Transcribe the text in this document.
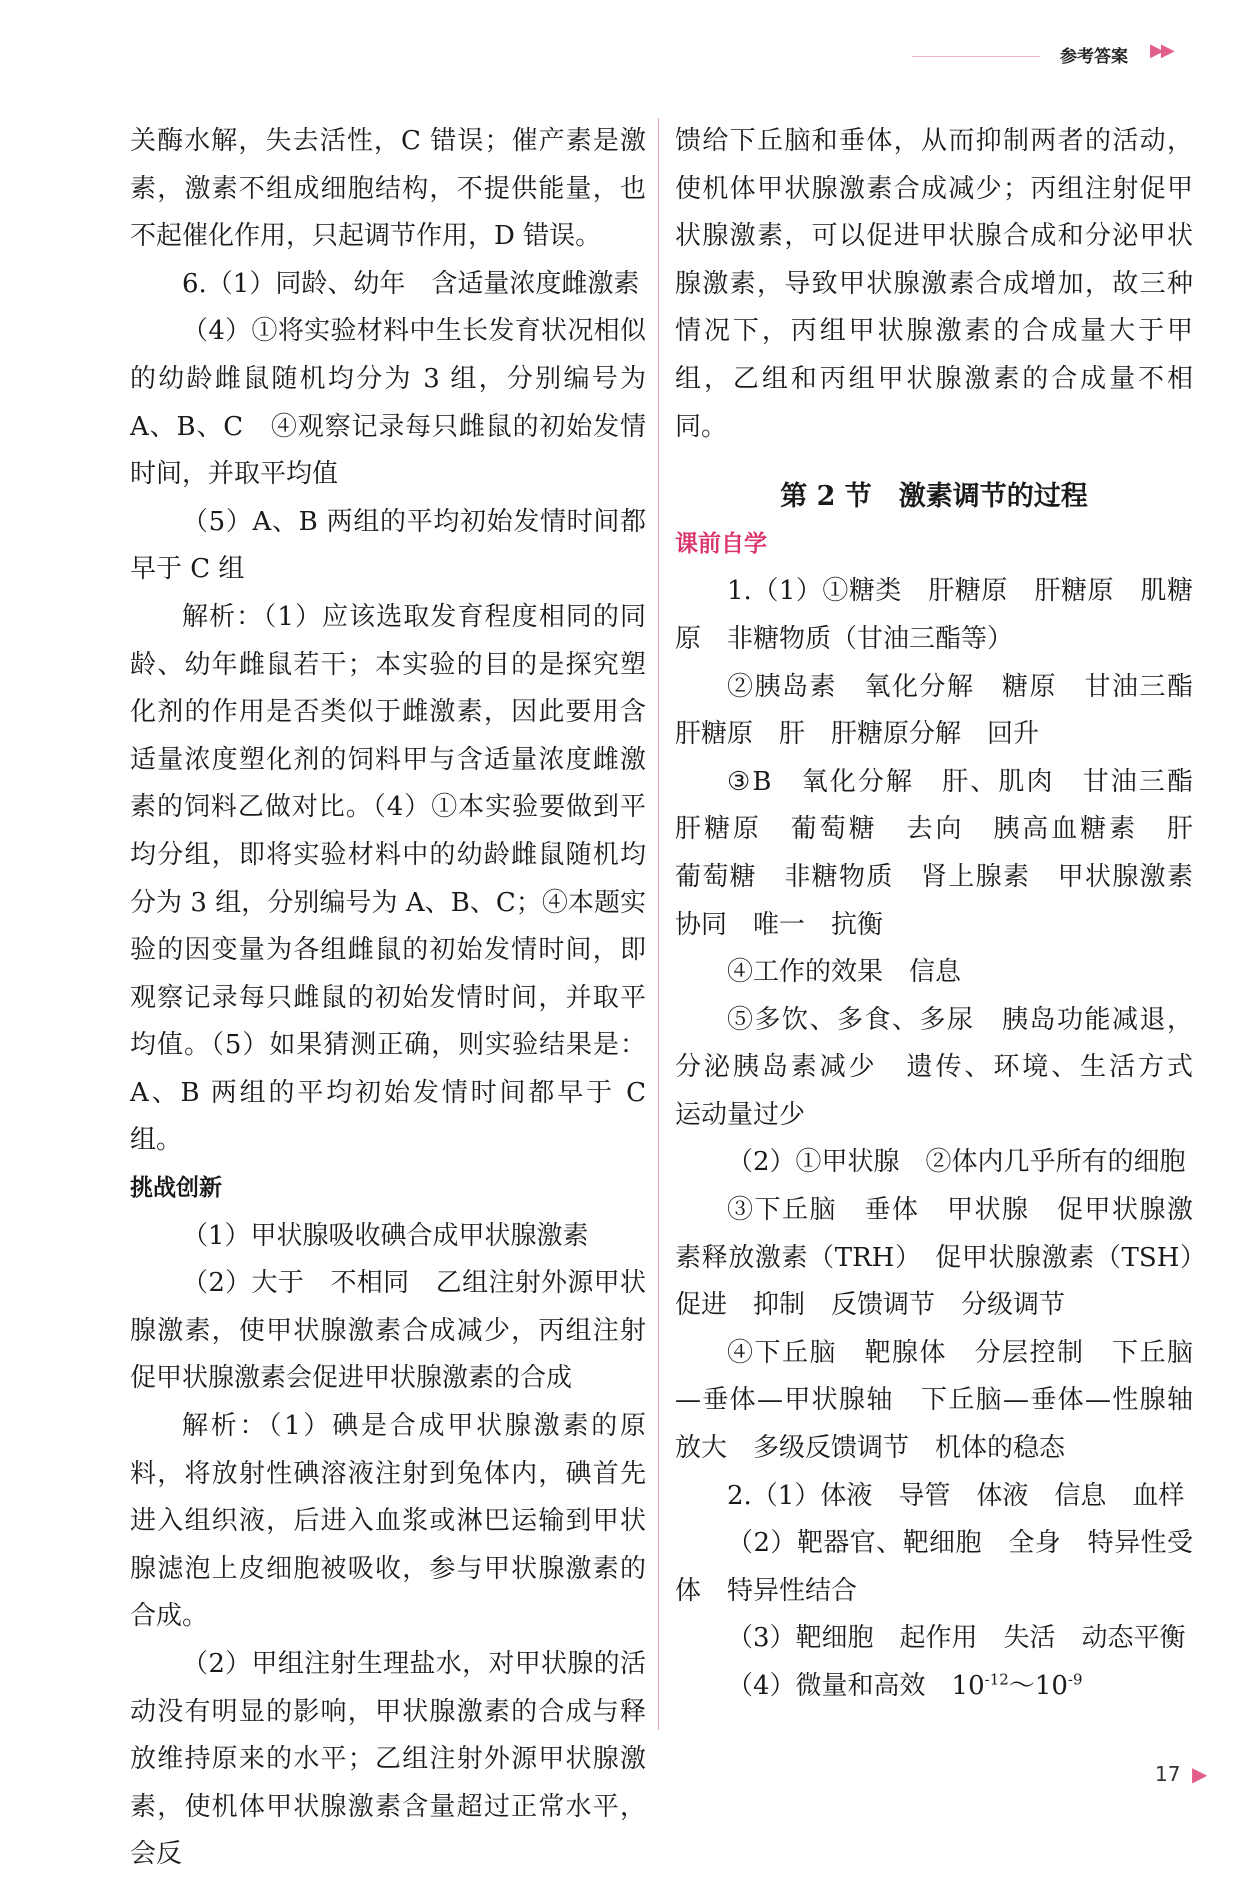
参考答案 ▶▶

关酶水解，失去活性，C 错误；催产素是激素，激素不组成细胞结构，不提供能量，也不起催化作用，只起调节作用，D 错误。

6.（1）同龄、幼年　含适量浓度雌激素

（4）①将实验材料中生长发育状况相似的幼龄雌鼠随机均分为 3 组，分别编号为 A、B、C　④观察记录每只雌鼠的初始发情时间，并取平均值

（5）A、B 两组的平均初始发情时间都早于 C 组

解析：（1）应该选取发育程度相同的同龄、幼年雌鼠若干；本实验的目的是探究塑化剂的作用是否类似于雌激素，因此要用含适量浓度塑化剂的饲料甲与含适量浓度雌激素的饲料乙做对比。（4）①本实验要做到平均分组，即将实验材料中的幼龄雌鼠随机均分为 3 组，分别编号为 A、B、C；④本题实验的因变量为各组雌鼠的初始发情时间，即观察记录每只雌鼠的初始发情时间，并取平均值。（5）如果猜测正确，则实验结果是：A、B 两组的平均初始发情时间都早于 C 组。

挑战创新

（1）甲状腺吸收碘合成甲状腺激素

（2）大于　不相同　乙组注射外源甲状腺激素，使甲状腺激素合成减少，丙组注射促甲状腺激素会促进甲状腺激素的合成

解析：（1）碘是合成甲状腺激素的原料，将放射性碘溶液注射到兔体内，碘首先进入组织液，后进入血浆或淋巴运输到甲状腺滤泡上皮细胞被吸收，参与甲状腺激素的合成。

（2）甲组注射生理盐水，对甲状腺的活动没有明显的影响，甲状腺激素的合成与释放维持原来的水平；乙组注射外源甲状腺激素，使机体甲状腺激素含量超过正常水平，会反

馈给下丘脑和垂体，从而抑制两者的活动，使机体甲状腺激素合成减少；丙组注射促甲状腺激素，可以促进甲状腺合成和分泌甲状腺激素，导致甲状腺激素合成增加，故三种情况下，丙组甲状腺激素的合成量大于甲组，乙组和丙组甲状腺激素的合成量不相同。

第 2 节　激素调节的过程

课前自学

1.（1）①糖类　肝糖原　肝糖原　肌糖原　非糖物质（甘油三酯等）

②胰岛素　氧化分解　糖原　甘油三酯　肝糖原　肝　肝糖原分解　回升

③B　氧化分解　肝、肌肉　甘油三酯　肝糖原　葡萄糖　去向　胰高血糖素　肝　葡萄糖　非糖物质　肾上腺素　甲状腺激素　协同　唯一　抗衡

④工作的效果　信息

⑤多饮、多食、多尿　胰岛功能减退，分泌胰岛素减少　遗传、环境、生活方式　运动量过少

（2）①甲状腺　②体内几乎所有的细胞

③下丘脑　垂体　甲状腺　促甲状腺激素释放激素（TRH）　促甲状腺激素（TSH）　促进　抑制　反馈调节　分级调节

④下丘脑　靶腺体　分层控制　下丘脑—垂体—甲状腺轴　下丘脑—垂体—性腺轴　放大　多级反馈调节　机体的稳态

2.（1）体液　导管　体液　信息　血样

（2）靶器官、靶细胞　全身　特异性受体　特异性结合

（3）靶细胞　起作用　失活　动态平衡

（4）微量和高效　$10^{-12}\sim 10^{-9}$

17 ▶
